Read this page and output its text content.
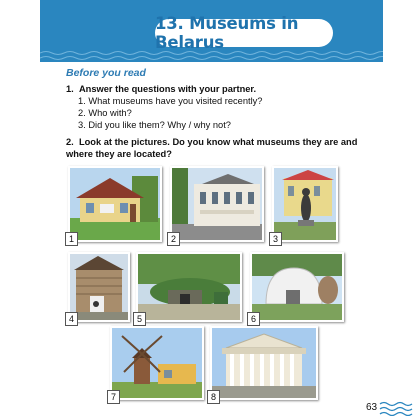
13. Museums in Belarus
Before you read
1. Answer the questions with your partner.
1. What museums have you visited recently?
2. Who with?
3. Did you like them? Why / why not?
2. Look at the pictures. Do you know what museums they are and where they are located?
1	2	3
4	5	6
7	8
63
